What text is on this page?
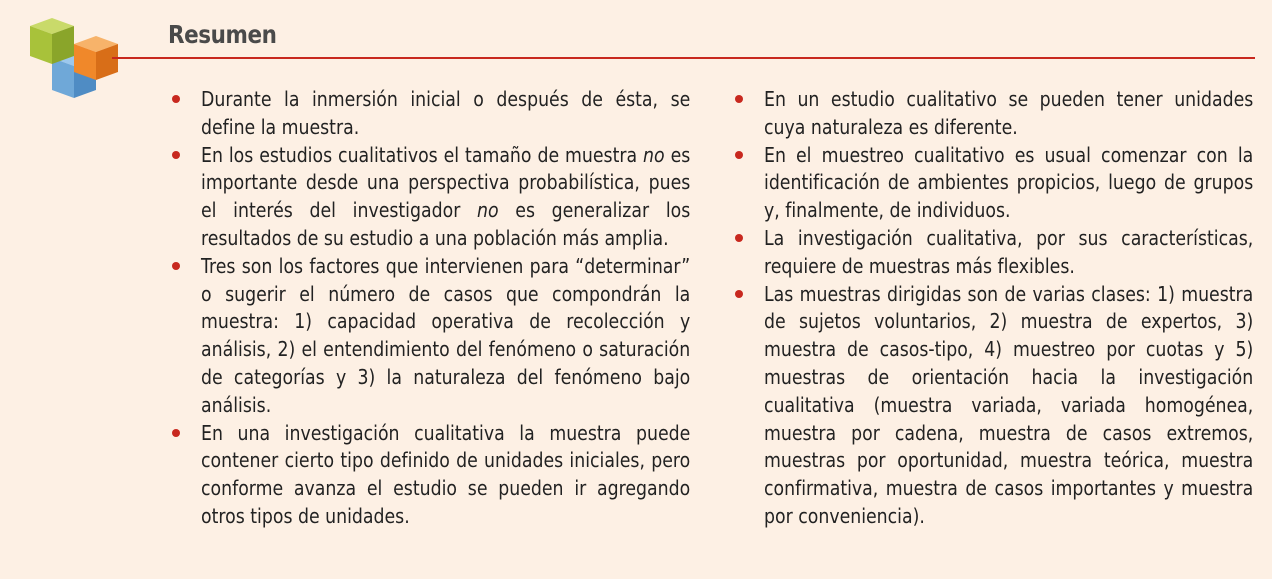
Resumen
Durante la inmersión inicial o después de ésta, se define la muestra.
En los estudios cualitativos el tamaño de muestra no es importante desde una perspectiva probabilística, pues el interés del investigador no es generalizar los resultados de su estudio a una población más amplia.
Tres son los factores que intervienen para “determinar” o sugerir el número de casos que compondrán la muestra: 1) capacidad operativa de recolección y análisis, 2) el entendimiento del fenómeno o saturación de categorías y 3) la naturaleza del fenómeno bajo análisis.
En una investigación cualitativa la muestra puede contener cierto tipo definido de unidades iniciales, pero conforme avanza el estudio se pueden ir agregando otros tipos de unidades.
En un estudio cualitativo se pueden tener unidades cuya naturaleza es diferente.
En el muestreo cualitativo es usual comenzar con la identificación de ambientes propicios, luego de grupos y, finalmente, de individuos.
La investigación cualitativa, por sus características, requiere de muestras más flexibles.
Las muestras dirigidas son de varias clases: 1) muestra de sujetos voluntarios, 2) muestra de expertos, 3) muestra de casos-tipo, 4) muestreo por cuotas y 5) muestras de orientación hacia la investigación cualitativa (muestra variada, variada homogénea, muestra por cadena, muestra de casos extremos, muestras por oportunidad, muestra teórica, muestra confirmativa, muestra de casos importantes y muestra por conveniencia).
